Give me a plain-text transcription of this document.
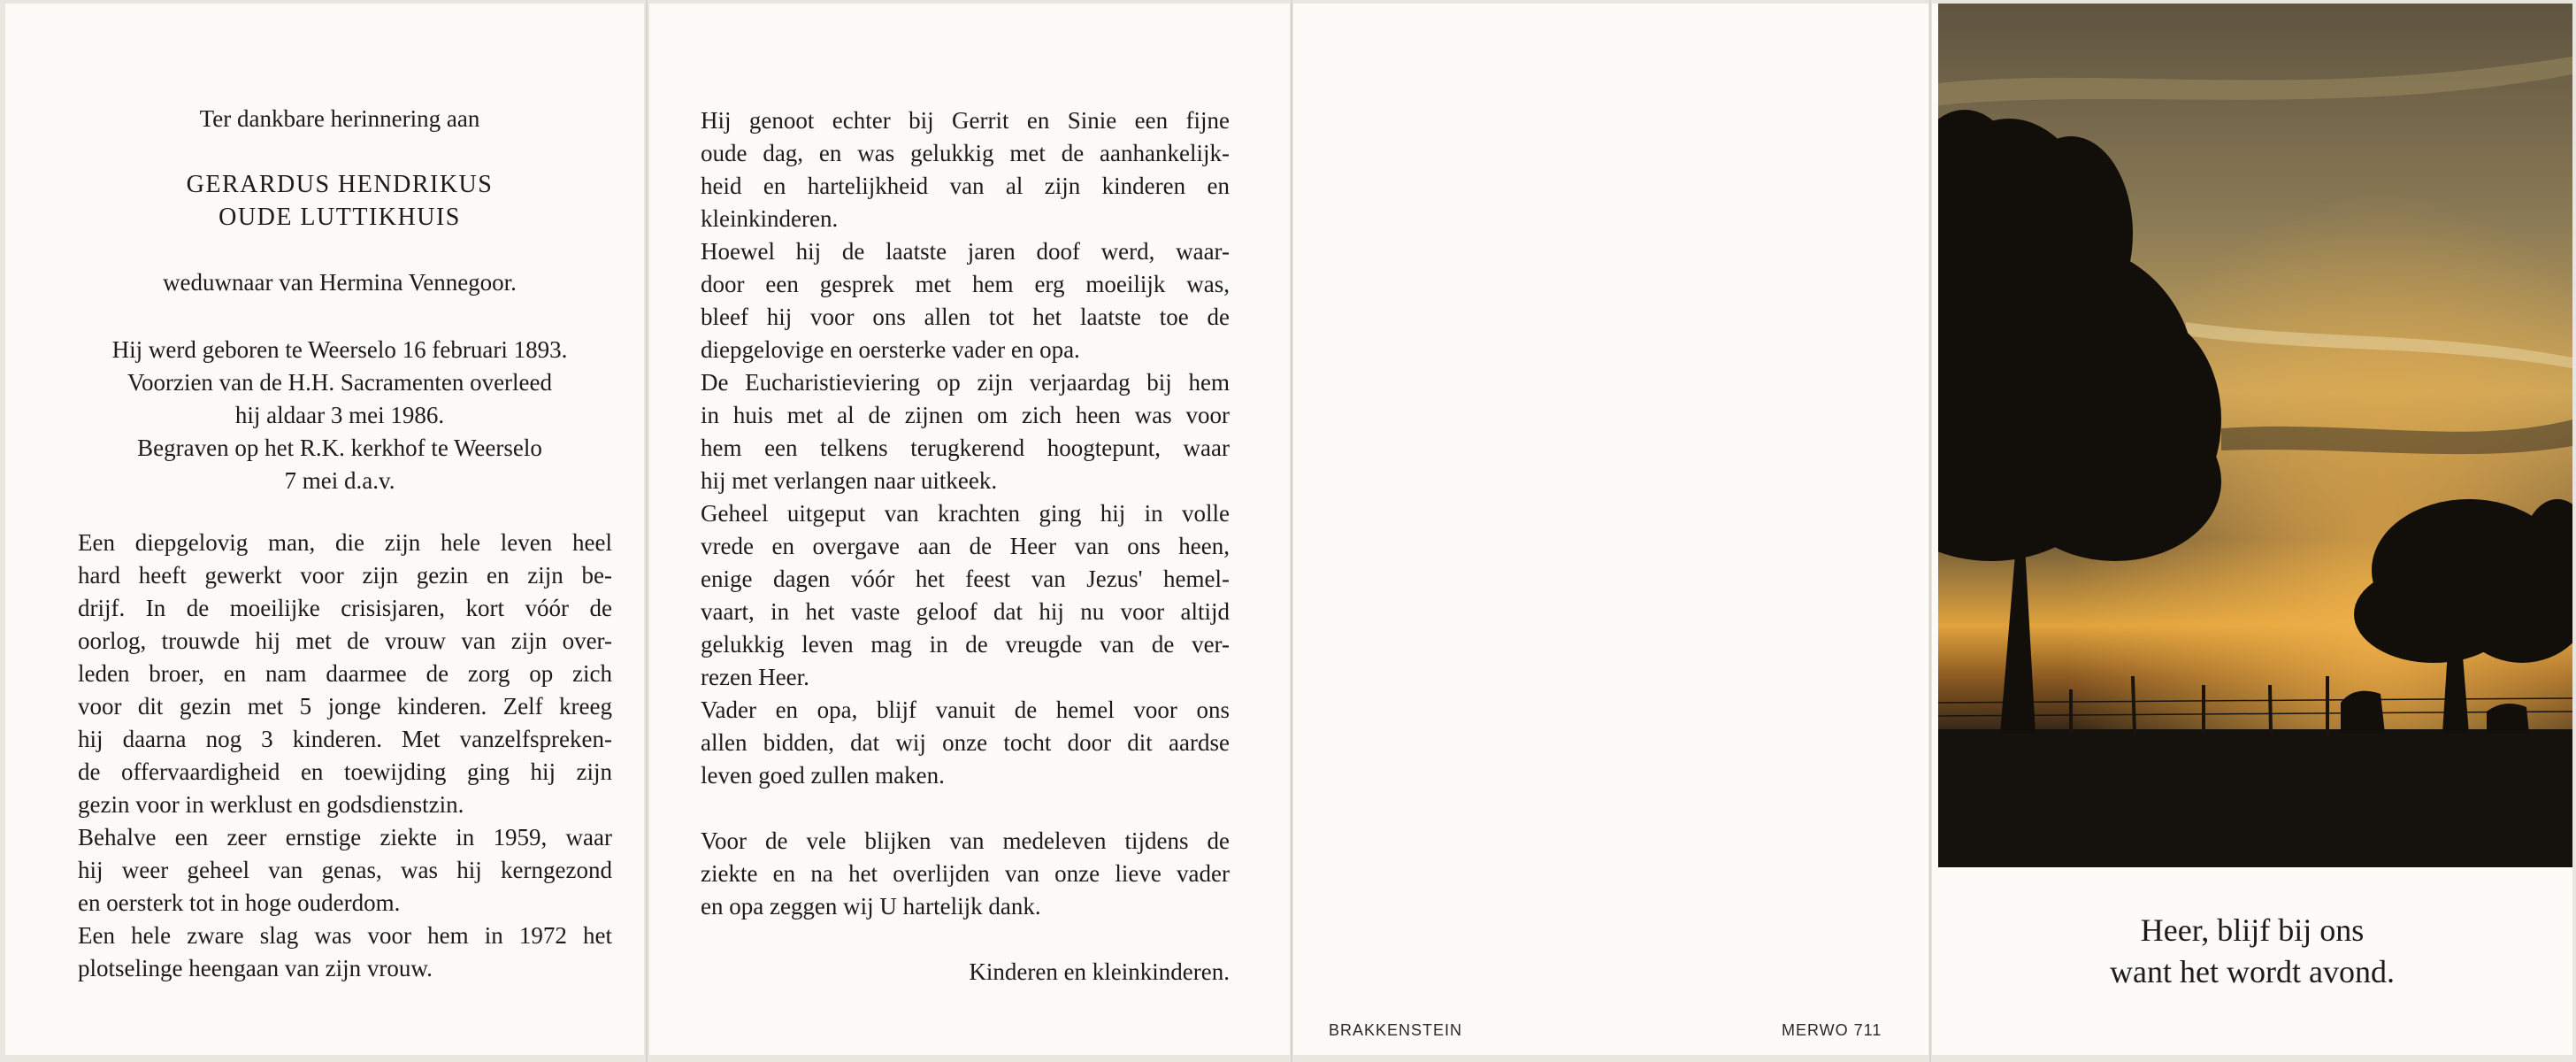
Ter dankbare herinnering aan
GERARDUS HENDRIKUS
OUDE LUTTIKHUIS
weduwnaar van Hermina Vennegoor.
Hij werd geboren te Weerselo 16 februari 1893.
Voorzien van de H.H. Sacramenten overleed
hij aldaar 3 mei 1986.
Begraven op het R.K. kerkhof te Weerselo
7 mei d.a.v.
Een diepgelovig man, die zijn hele leven heel
hard heeft gewerkt voor zijn gezin en zijn be-
drijf. In de moeilijke crisisjaren, kort vóór de
oorlog, trouwde hij met de vrouw van zijn over-
leden broer, en nam daarmee de zorg op zich
voor dit gezin met 5 jonge kinderen. Zelf kreeg
hij daarna nog 3 kinderen. Met vanzelfspreken-
de offervaardigheid en toewijding ging hij zijn
gezin voor in werklust en godsdienstzin.
Behalve een zeer ernstige ziekte in 1959, waar
hij weer geheel van genas, was hij kerngezond
en oersterk tot in hoge ouderdom.
Een hele zware slag was voor hem in 1972 het
plotselinge heengaan van zijn vrouw.
Hij genoot echter bij Gerrit en Sinie een fijne
oude dag, en was gelukkig met de aanhankelijk-
heid en hartelijkheid van al zijn kinderen en
kleinkinderen.
Hoewel hij de laatste jaren doof werd, waar-
door een gesprek met hem erg moeilijk was,
bleef hij voor ons allen tot het laatste toe de
diepgelovige en oersterke vader en opa.
De Eucharistieviering op zijn verjaardag bij hem
in huis met al de zijnen om zich heen was voor
hem een telkens terugkerend hoogtepunt, waar
hij met verlangen naar uitkeek.
Geheel uitgeput van krachten ging hij in volle
vrede en overgave aan de Heer van ons heen,
enige dagen vóór het feest van Jezus' hemel-
vaart, in het vaste geloof dat hij nu voor altijd
gelukkig leven mag in de vreugde van de ver-
rezen Heer.
Vader en opa, blijf vanuit de hemel voor ons
allen bidden, dat wij onze tocht door dit aardse
leven goed zullen maken.
Voor de vele blijken van medeleven tijdens de
ziekte en na het overlijden van onze lieve vader
en opa zeggen wij U hartelijk dank.
Kinderen en kleinkinderen.
BRAKKENSTEIN	MERWO 711
Heer, blijf bij ons
want het wordt avond.
